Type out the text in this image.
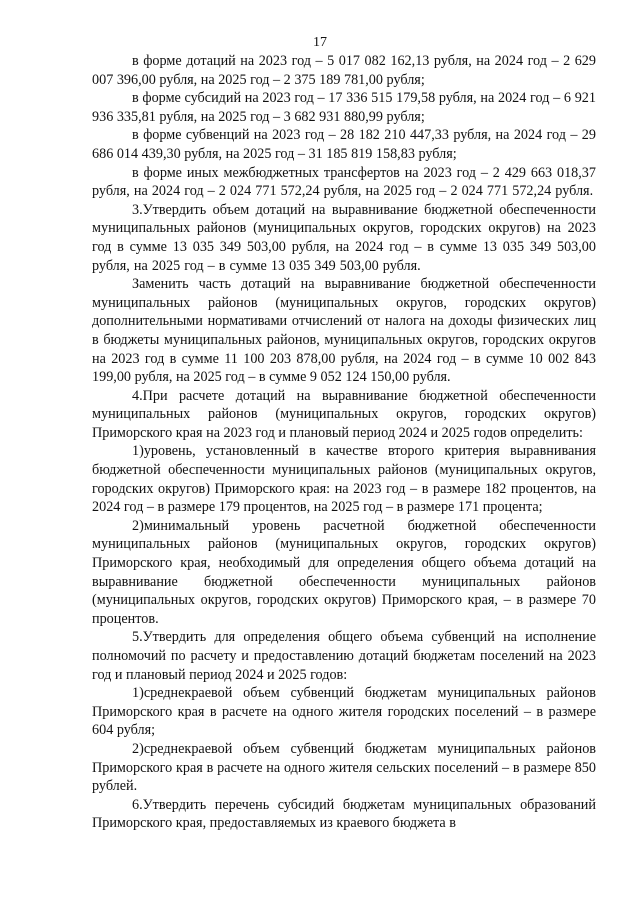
17

в форме дотаций на 2023 год – 5 017 082 162,13 рубля, на 2024 год – 2 629 007 396,00 рубля, на 2025 год – 2 375 189 781,00 рубля;

в форме субсидий на 2023 год – 17 336 515 179,58 рубля, на 2024 год – 6 921 936 335,81 рубля, на 2025 год – 3 682 931 880,99 рубля;

в форме субвенций на 2023 год – 28 182 210 447,33 рубля, на 2024 год – 29 686 014 439,30 рубля, на 2025 год – 31 185 819 158,83 рубля;

в форме иных межбюджетных трансфертов на 2023 год – 2 429 663 018,37 рубля, на 2024 год – 2 024 771 572,24 рубля, на 2025 год – 2 024 771 572,24 рубля.

3.Утвердить объем дотаций на выравнивание бюджетной обеспеченности муниципальных районов (муниципальных округов, городских округов) на 2023 год в сумме 13 035 349 503,00 рубля, на 2024 год – в сумме 13 035 349 503,00 рубля, на 2025 год – в сумме 13 035 349 503,00 рубля.

Заменить часть дотаций на выравнивание бюджетной обеспеченности муниципальных районов (муниципальных округов, городских округов) дополнительными нормативами отчислений от налога на доходы физических лиц в бюджеты муниципальных районов, муниципальных округов, городских округов на 2023 год в сумме 11 100 203 878,00 рубля, на 2024 год – в сумме 10 002 843 199,00 рубля, на 2025 год – в сумме 9 052 124 150,00 рубля.

4.При расчете дотаций на выравнивание бюджетной обеспеченности муниципальных районов (муниципальных округов, городских округов) Приморского края на 2023 год и плановый период 2024 и 2025 годов определить:

1)уровень, установленный в качестве второго критерия выравнивания бюджетной обеспеченности муниципальных районов (муниципальных округов, городских округов) Приморского края: на 2023 год – в размере 182 процентов, на 2024 год – в размере 179 процентов, на 2025 год – в размере 171 процента;

2)минимальный уровень расчетной бюджетной обеспеченности муниципальных районов (муниципальных округов, городских округов) Приморского края, необходимый для определения общего объема дотаций на выравнивание бюджетной обеспеченности муниципальных районов (муниципальных округов, городских округов) Приморского края, – в размере 70 процентов.

5.Утвердить для определения общего объема субвенций на исполнение полномочий по расчету и предоставлению дотаций бюджетам поселений на 2023 год и плановый период 2024 и 2025 годов:

1)среднекраевой объем субвенций бюджетам муниципальных районов Приморского края в расчете на одного жителя городских поселений – в размере 604 рубля;

2)среднекраевой объем субвенций бюджетам муниципальных районов Приморского края в расчете на одного жителя сельских поселений – в размере 850 рублей.

6.Утвердить перечень субсидий бюджетам муниципальных образований Приморского края, предоставляемых из краевого бюджета в
